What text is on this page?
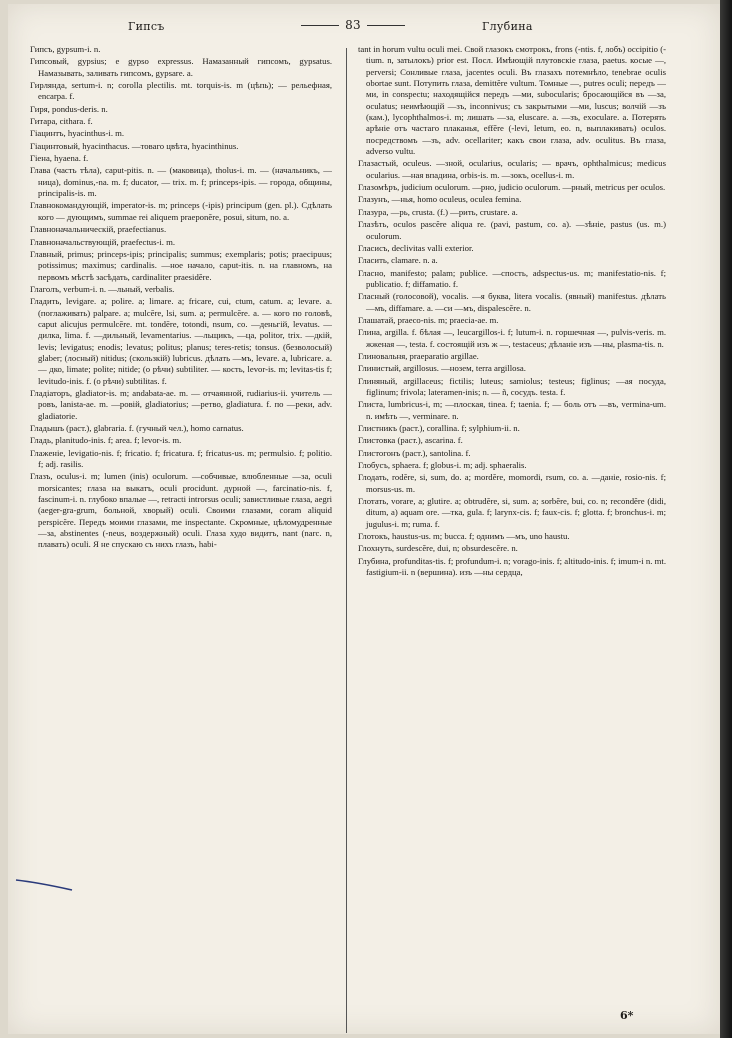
Гипсъ	83	Глубина
Гипсъ, gypsum-i. n.
Гипсовый, gypsius; e gypso expressus. Намазанный гипсомъ, gypsatus. Намазывать, заливать гипсомъ, gypsare. a.
Гирлянда, sertum-i. n; corolla plectilis. mt. torquis-is. m (цѣпь); — рельефная, encarpa. f.
Гиря, pondus-deris. n.
Гитара, cithara. f.
Гіацинтъ, hyacinthus-i. m.
Гіацинтовый, hyacinthacus. —товаго цвѣта, hyacinthinus.
Гіена, hyaena. f.
Глава (часть тѣла), caput-pitis. n. — (маковица), tholus-i. m. — (начальникъ, —ница), dominus,-na. m. f; ducator, — trix. m. f; princeps-ipis. — города, общины, principalis-is. m.
Главнокомандующій, imperator-is. m; princeps (-ipis) principum (gen. pl.). Сдѣлать кого — дующимъ, summae rei aliquem praeponĕre, posui, situm, no. a.
Главноначальническій, praefectianus.
Главноначальствующій, praefectus-i. m.
Главный, primus; princeps-ipis; principalis; summus; exemplaris; potis; praecipuus; potissimus; maximus; cardinalis. —ное начало, caput-itis. n. на главномъ, на первомъ мѣстѣ засѣдать, cardinaliter praesidĕre.
Глаголъ, verbum-i. n. —льный, verbalis.
Гладить, levigare. a; polire. a; limare. a; fricare, cui, ctum, catum. a; levare. a. (поглаживать) palpare. a; mulcēre, lsi, sum. a; permulcēre. a. — кого по головѣ, caput alicujus permulcēre. mt. tondēre, totondi, nsum, co. —деньгій, levatus. —дилка, lima. f. —дильный, levamentarius. —льщикъ, —ца, politor, trix. —дкій, levis; levigatus; enodis; levatus; politus; planus; teres-retis; tonsus. (безволосый) glaber; (лосный) nitidus; (скользкій) lubricus. дѣлать —мъ, levare. a, lubricare. a. — дко, limate; polite; nitide; (о рѣчи) subtiliter. — кость, levor-is. m; levitas-tis f; levitudo-inis. f. (о рѣчи) subtilitas. f.
Гладіаторъ, gladiator-is. m; andabata-ae. m. — отчаянной, rudiarius-ii. учитель —ровъ, lanista-ae. m. —ровій, gladiatorius; —ретво, gladiatura. f. по —реки, adv. gladiatorie.
Гладышъ (раст.), glabraria. f. (гучный чел.), homo carnatus.
Гладь, planitudo-inis. f; area. f; levor-is. m.
Глаженіе, levigatio-nis. f; fricatio. f; fricatura. f; fricatus-us. m; permulsio. f; politio. f; adj. rasilis.
Глазъ, oculus-i. m; lumen (inis) oculorum. —собчивые, влюбленные —за, oculi morsicantes; глаза на выкатъ, oculi procidunt. дурной —, farcinatio-nis. f, fascinum-i. n. глубоко впалые —, retracti introrsus oculi; завистливые глаза, aegri (aeger-gra-grum, больной, хворый) oculi. Своими глазами, coram aliquid perspicĕre. Передъ моими глазами, me inspectante. Скромные, цѣломудренные —за, abstinentes (-neus, воздержный) oculi. Глаза худо видитъ, nant (narc. n, плавать) oculi. Я не спускаю съ нихъ глазъ, habi-
tant in horum vultu oculi mei. Свой глазокъ смотрокъ, frons (-ntis. f, лобъ) occipitio (-tium. n, затылокъ) prior est. Посл. Имѣющій плутовскіе глаза, paetus. косые —, perversi; Сонливые глаза, jacentes oculi. Въ глазахъ потемнѣло, tenebrae oculis obortae sunt. Потупить глаза, demittĕre vultum. Томные —, putres oculi; передъ —ми, in conspectu; находящійся передъ —ми, subocularis; бросающійся въ —за, oculatus; неимѣющій —зъ, inconnivus; съ закрытыми —ми, luscus; волчій —зъ (кам.), lycophthalmos-i. m; лишать —за, eluscare. a. —зъ, exoculare. a. Потерять арѣніе отъ частаго плаканья, effĕre (-levi, letum, eo. n, выплакивать) oculos. посредствомъ —зъ, adv. ocellariter; какъ свои глаза, adv. oculitus. Въ глаза, adverso vultu.
Глазастый, oculeus. —зной, ocularius, ocularis; — врачъ, ophthalmicus; medicus ocularius. —ная впадина, orbis-is. m. —зокъ, ocellus-i. m.
Глазомѣръ, judicium oculorum. —рно, judicio oculorum. —рный, metricus per oculos.
Глазунъ, —нья, homo oculeus, oculea femina.
Глазура, —рь, crusta. (f.) —рить, crustare. a.
Глазѣть, oculos pascĕre aliqua re. (pavi, pastum, co. a). —зѣніе, pastus (us. m.) oculorum.
Гласисъ, declivitas valli exterior.
Гласить, clamare. n. a.
Гласно, manifesto; palam; publice. —спость, adspectus-us. m; manifestatio-nis. f; publicatio. f; diffamatio. f.
Гласный (голосовой), vocalis. —я буква, litera vocalis. (явный) manifestus. дѣлать —мъ, diffamare. a. —си —мъ, dispalescĕre. n.
Глашатай, praeco-nis. m; praecia-ae. m.
Глина, argilla. f. бѣлая —, leucargillos-i. f; lutum-i. n. горшечная —, pulvis-veris. m. жженая —, testa. f. состоящій изъ ж —, testaceus; дѣланіе изъ —ны, plasma-tis. n.
Глиновальня, praeparatio argillae.
Глинистый, argillosus. —нозем, terra argillosa.
Глиняный, argillaceus; fictilis; luteus; samiolus; testeus; figlinus; —ая посуда, figlinum; frivola; lateramen-inis; n. — ñ, сосудъ. testa. f.
Глиста, lumbricus-i, m; —плоская, tinea. f; taenia. f; — боль отъ —въ, vermina-um. n. имѣть —, verminare. n.
Глистникъ (раст.), corallina. f; sylphium-ii. n.
Глистовка (раст.), ascarina. f.
Глистогонъ (раст.), santolina. f.
Глобусъ, sphaera. f; globus-i. m; adj. sphaeralis.
Глодать, rodĕre, si, sum, do. a; mordĕre, momordi, rsum, co. a. —даніе, rosio-nis. f; morsus-us. m.
Глотать, vorare, a; glutire. a; obtrudĕre, si, sum. a; sorbĕre, bui, co. n; recondĕre (didi, ditum, a) aquam ore. —тка, gula. f; larynx-cis. f; faux-cis. f; glotta. f; bronchus-i. m; jugulus-i. m; ruma. f.
Глотокъ, haustus-us. m; bucca. f; однимъ —мъ, uno haustu.
Глохнуть, surdescĕre, dui, n; obsurdescĕre. n.
Глубина, profunditas-tis. f; profundum-i. n; vorago-inis. f; altitudo-inis. f; imum-i n. mt. fastigium-ii. n (вершина). изъ —ны сердца,
6*
